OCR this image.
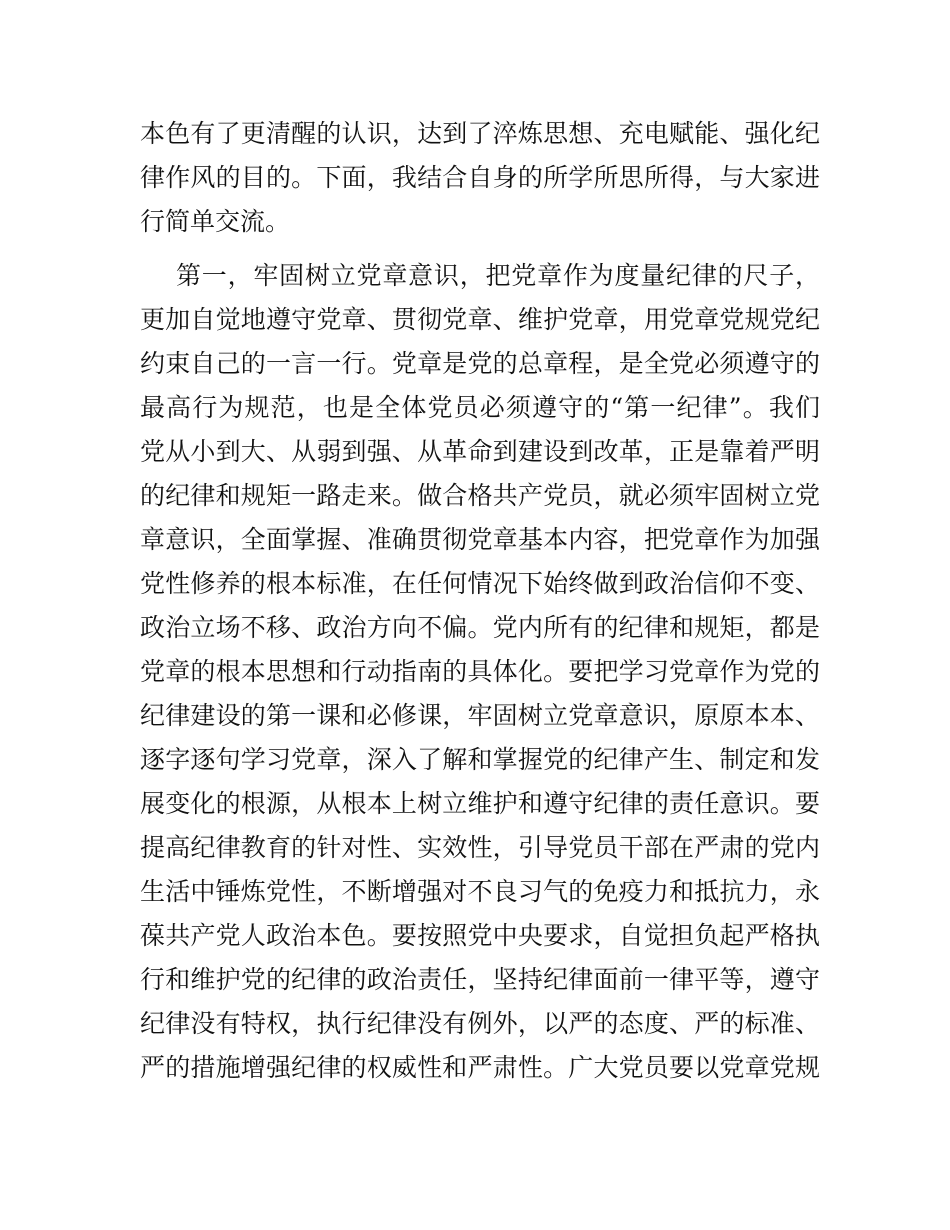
本色有了更清醒的认识，达到了淬炼思想、充电赋能、强化纪
律作风的目的。下面，我结合自身的所学所思所得，与大家进
行简单交流。
第一，牢固树立党章意识，把党章作为度量纪律的尺子，
更加自觉地遵守党章、贯彻党章、维护党章，用党章党规党纪
约束自己的一言一行。党章是党的总章程，是全党必须遵守的
最高行为规范，也是全体党员必须遵守的“第一纪律”。我们
党从小到大、从弱到强、从革命到建设到改革，正是靠着严明
的纪律和规矩一路走来。做合格共产党员，就必须牢固树立党
章意识，全面掌握、准确贯彻党章基本内容，把党章作为加强
党性修养的根本标准，在任何情况下始终做到政治信仰不变、
政治立场不移、政治方向不偏。党内所有的纪律和规矩，都是
党章的根本思想和行动指南的具体化。要把学习党章作为党的
纪律建设的第一课和必修课，牢固树立党章意识，原原本本、
逐字逐句学习党章，深入了解和掌握党的纪律产生、制定和发
展变化的根源，从根本上树立维护和遵守纪律的责任意识。要
提高纪律教育的针对性、实效性，引导党员干部在严肃的党内
生活中锤炼党性，不断增强对不良习气的免疫力和抵抗力，永
葆共产党人政治本色。要按照党中央要求，自觉担负起严格执
行和维护党的纪律的政治责任，坚持纪律面前一律平等，遵守
纪律没有特权，执行纪律没有例外，以严的态度、严的标准、
严的措施增强纪律的权威性和严肃性。广大党员要以党章党规
